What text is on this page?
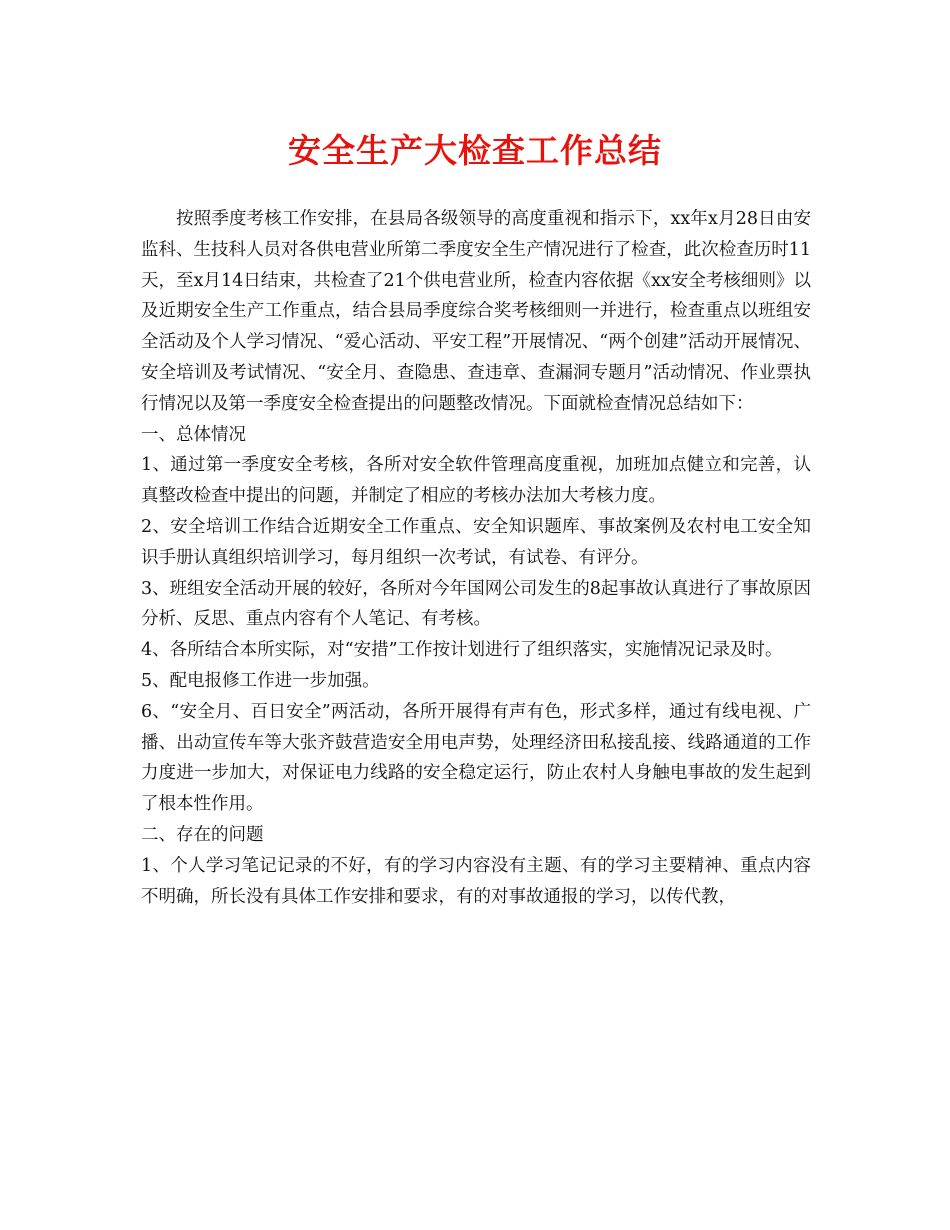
安全生产大检查工作总结

按照季度考核工作安排，在县局各级领导的高度重视和指示下，xx年x月28日由安监科、生技科人员对各供电营业所第二季度安全生产情况进行了检查，此次检查历时11天，至x月14日结束，共检查了21个供电营业所，检查内容依据《xx安全考核细则》以及近期安全生产工作重点，结合县局季度综合奖考核细则一并进行，检查重点以班组安全活动及个人学习情况、“爱心活动、平安工程”开展情况、“两个创建”活动开展情况、安全培训及考试情况、“安全月、查隐患、查违章、查漏洞专题月”活动情况、作业票执行情况以及第一季度安全检查提出的问题整改情况。下面就检查情况总结如下：

一、总体情况

1、通过第一季度安全考核，各所对安全软件管理高度重视，加班加点健立和完善，认真整改检查中提出的问题，并制定了相应的考核办法加大考核力度。

2、安全培训工作结合近期安全工作重点、安全知识题库、事故案例及农村电工安全知识手册认真组织培训学习，每月组织一次考试，有试卷、有评分。

3、班组安全活动开展的较好，各所对今年国网公司发生的8起事故认真进行了事故原因分析、反思、重点内容有个人笔记、有考核。

4、各所结合本所实际，对“安措”工作按计划进行了组织落实，实施情况记录及时。

5、配电报修工作进一步加强。

6、“安全月、百日安全”两活动，各所开展得有声有色，形式多样，通过有线电视、广播、出动宣传车等大张齐鼓营造安全用电声势，处理经济田私接乱接、线路通道的工作力度进一步加大，对保证电力线路的安全稳定运行，防止农村人身触电事故的发生起到了根本性作用。

二、存在的问题

1、个人学习笔记记录的不好，有的学习内容没有主题、有的学习主要精神、重点内容不明确，所长没有具体工作安排和要求，有的对事故通报的学习，以传代教，
